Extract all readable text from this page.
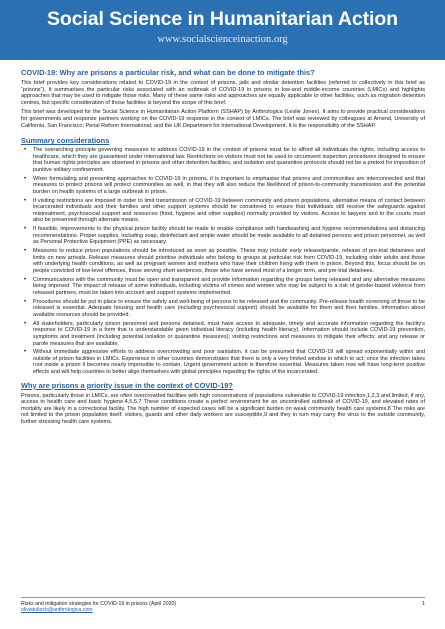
Social Science in Humanitarian Action
www.socialscienceinaction.org
COVID-19: Why are prisons a particular risk, and what can be done to mitigate this?

This brief provides key considerations related to COVID-19 in the context of prisons, jails and similar detention facilities (referred to collectively in this brief as “prisons”). It summarises the particular risks associated with an outbreak of COVID-19 in prisons in low-and middle-income countries (LMICs) and highlights approaches that may be used to mitigate those risks. Many of these same risks and approaches are equally applicable to other facilities, such as migration detention centres, but specific consideration of those facilities is beyond the scope of this brief.

This brief was developed for the Social Science in Humanitarian Action Platform (SSHAP) by Anthrologica (Leslie Jones). It aims to provide practical considerations for governments and response partners working on the COVID-19 response in the context of LMICs. The brief was reviewed by colleagues at Amend, University of California, San Francisco; Penal Reform International; and the UK Department for International Development. It is the responsibility of the SSHAP.

Summary considerations
• The overarching principle governing measures to address COVID-19 in the context of prisons must be to afford all individuals the rights, including access to healthcare, which they are guaranteed under international law. Restrictions on visitors must not be used to circumvent inspection procedures designed to ensure that human rights principles are observed in prisons and other detention facilities, and isolation and quarantine protocols should not be a pretext for imposition of punitive solitary confinement.
• When formulating and presenting approaches to COVID-19 in prisons, it is important to emphasise that prisons and communities are interconnected and that measures to protect prisons will protect communities as well, in that they will also reduce the likelihood of prison-to-community transmission and the potential burden on health systems of a large outbreak in prison.
• If visiting restrictions are imposed in order to limit transmission of COVID-19 between community and prison populations, alternative means of contact between incarcerated individuals and their families and other support systems should be considered to ensure that individuals still receive the safeguards against mistreatment, psychosocial support and resources (food, hygiene and other supplies) normally provided by visitors. Access to lawyers and to the courts must also be preserved through alternate means.
• If feasible, improvements to the physical prison facility should be made to enable compliance with handwashing and hygiene recommendations and distancing recommendations. Proper supplies, including soap, disinfectant and ample water should be made available to all detained persons and prison personnel, as well as Personal Protective Equipment (PPE) as necessary.
• Measures to reduce prison populations should be introduced as soon as possible. These may include early release/parole, release of pre-trial detainees and limits on new arrivals. Release measures should prioritise individuals who belong to groups at particular risk from COVID-19, including older adults and those with underlying health conditions, as well as pregnant women and mothers who have their children living with them in prison. Beyond this, focus should be on people convicted of low-level offences, those serving short sentences, those who have served most of a longer term, and pre-trial detainees.
• Communications with the community must be open and transparent and provide information regarding the groups being released and any alternative measures being imposed. The impact of release of some individuals, including victims of crimes and women who may be subject to a risk of gender-based violence from released partners, must be taken into account and support systems implemented.
• Procedures should be put in place to ensure the safety and well-being of persons to be released and the community. Pre-release health screening of those to be released is essential. Adequate housing and health care (including psychosocial support) should be available for them and their families. Information about available resources should be provided.
• All stakeholders, particularly prison personnel and persons detained, must have access to adequate, timely and accurate information regarding the facility’s response to COVID-19 in a form that is understandable given individual literacy (including health literacy). Information should include COVID-19 prevention, symptoms and treatment (including potential isolation or quarantine measures); visiting restrictions and measures to mitigate their effects; and any release or parole measures that are available.
• Without immediate aggressive efforts to address overcrowding and poor sanitation, it can be presumed that COVID-19 will spread exponentially within and outside of prison facilities in LMICs. Experience in other countries demonstrates that there is only a very limited window in which to act; once the infection takes root inside a prison it becomes nearly impossible to contain. Urgent government action is therefore essential. Measures taken now will have long-term positive effects and will help countries to better align themselves with global principles regarding the rights of the incarcerated.
Why are prisons a priority issue in the context of COVID-19?

Prisons, particularly those in LMICs, are often overcrowded facilities with high concentrations of populations vulnerable to COVID-19 infection,1,2,3 and limited, if any, access to health care and basic hygiene.4,5,6,7 These conditions create a perfect environment for an uncontrolled outbreak of COVID-19, and elevated rates of mortality are likely in a correctional facility. The high number of expected cases will be a significant burden on weak community health care systems.8 The risks are not limited to the prison population itself: visitors, guards and other daily workers are susceptible,9 and they in turn may carry the virus to the outside community, further stressing health care systems.

Risks and mitigation strategies for COVID-19 in prisons (April 2020)	1
oliviatulloch@anthrologica.com
